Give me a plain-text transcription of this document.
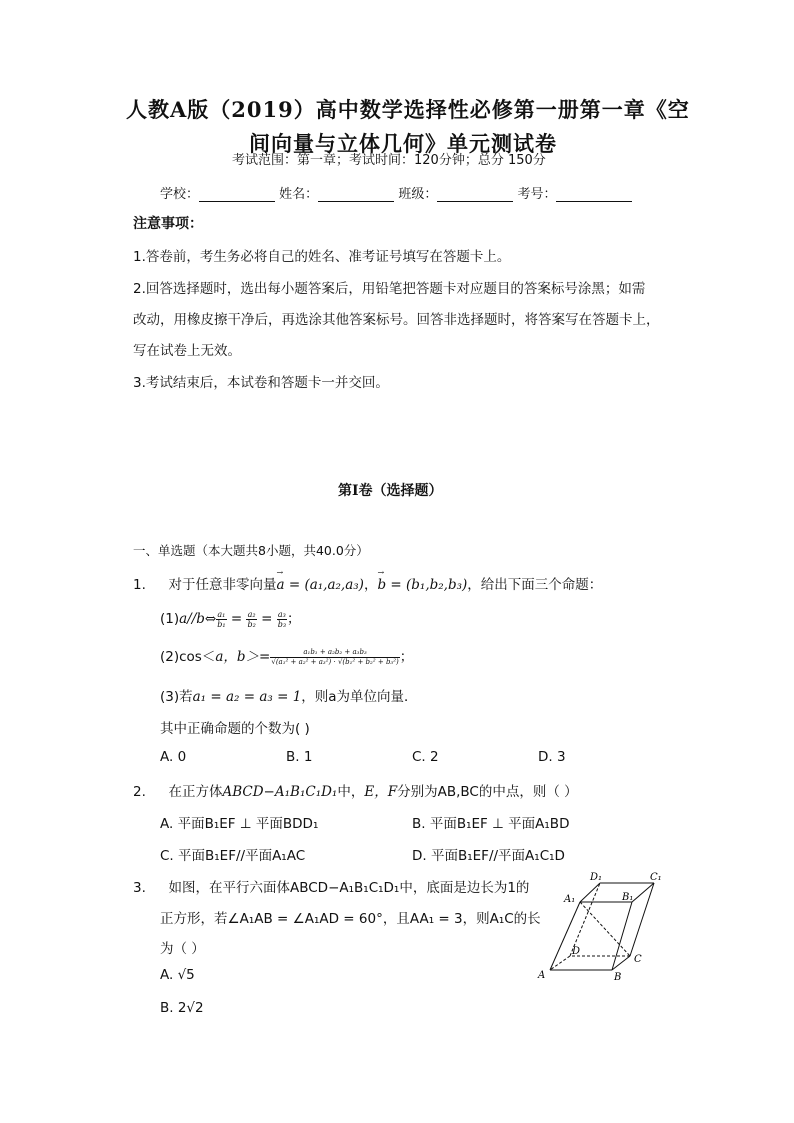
人教A版（2019）高中数学选择性必修第一册第一章《空
间向量与立体几何》单元测试卷
考试范围：第一章；考试时间：120分钟；总分 150分
学校：	姓名：	班级：	考号：
注意事项：
1.答卷前，考生务必将自己的姓名、准考证号填写在答题卡上。
2.回答选择题时，选出每小题答案后，用铅笔把答题卡对应题目的答案标号涂黑；如需
改动，用橡皮擦干净后，再选涂其他答案标号。回答非选择题时，将答案写在答题卡上，
写在试卷上无效。
3.考试结束后，本试卷和答题卡一并交回。
第I卷（选择题）
一、单选题（本大题共8小题，共40.0分）
1. 对于任意非零向量→ a = (a₁,a₂,a₃)，→ b = (b₁,b₂,b₃)，给出下面三个命题：
(1)a//b⇔ $\frac{\text{a₁}}{\text{b₁}} = \frac{\text{a₂}}{\text{b₂}} = \frac{\text{a₃}}{\text{b₃}}$ ；
(2)cos＜a，$b>= \frac{\text{a₁b₁ + a₂b₂ + a₃b₃}}{\text{√(a₁² + a₂² + a₃²) · √(b₁² + b₂² + b₃²)}}$ ；
(3)若a₁ = a₂ = a₃ = 1，则a为单位向量．
其中正确命题的个数为( )
A. 0	B. 1	C. 2	D. 3
2. 在正方体ABCD−A₁B₁C₁D₁中，E，F分别为AB,BC的中点，则（ ）
A. 平面B₁EF ⊥ 平面BDD₁	B. 平面B₁EF ⊥ 平面A₁BD
C. 平面B₁EF//平面A₁AC	D. 平面B₁EF//平面A₁C₁D
3. 如图，在平行六面体ABCD−A₁B₁C₁D₁中，底面是边长为1的
正方形，若∠A₁AB = ∠A₁AD = 60°，且AA₁ = 3，则A₁C的长
为（ ）
A. √5
B. 2√2
D₁	C₁
A₁	B₁
D
C
A	B
